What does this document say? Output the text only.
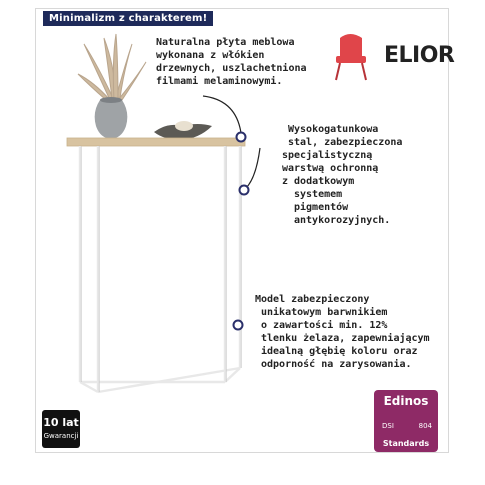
Minimalizm z charakterem!
Naturalna płyta meblowa
wykonana z włókien
drzewnych, uszlachetniona
filmami melaminowymi.
Wysokogatunkowa
stal, zabezpieczona
specjalistyczną
warstwą ochronną
z dodatkowym
systemem
pigmentów
antykorozyjnych.
Model zabezpieczony
unikatowym barwnikiem
o zawartości min. 12%
tlenku żelaza, zapewniającym
idealną głębię koloru oraz
odporność na zarysowania.
ELIOR
10 lat
Gwarancji
Edinos
DSI	804
Standards
